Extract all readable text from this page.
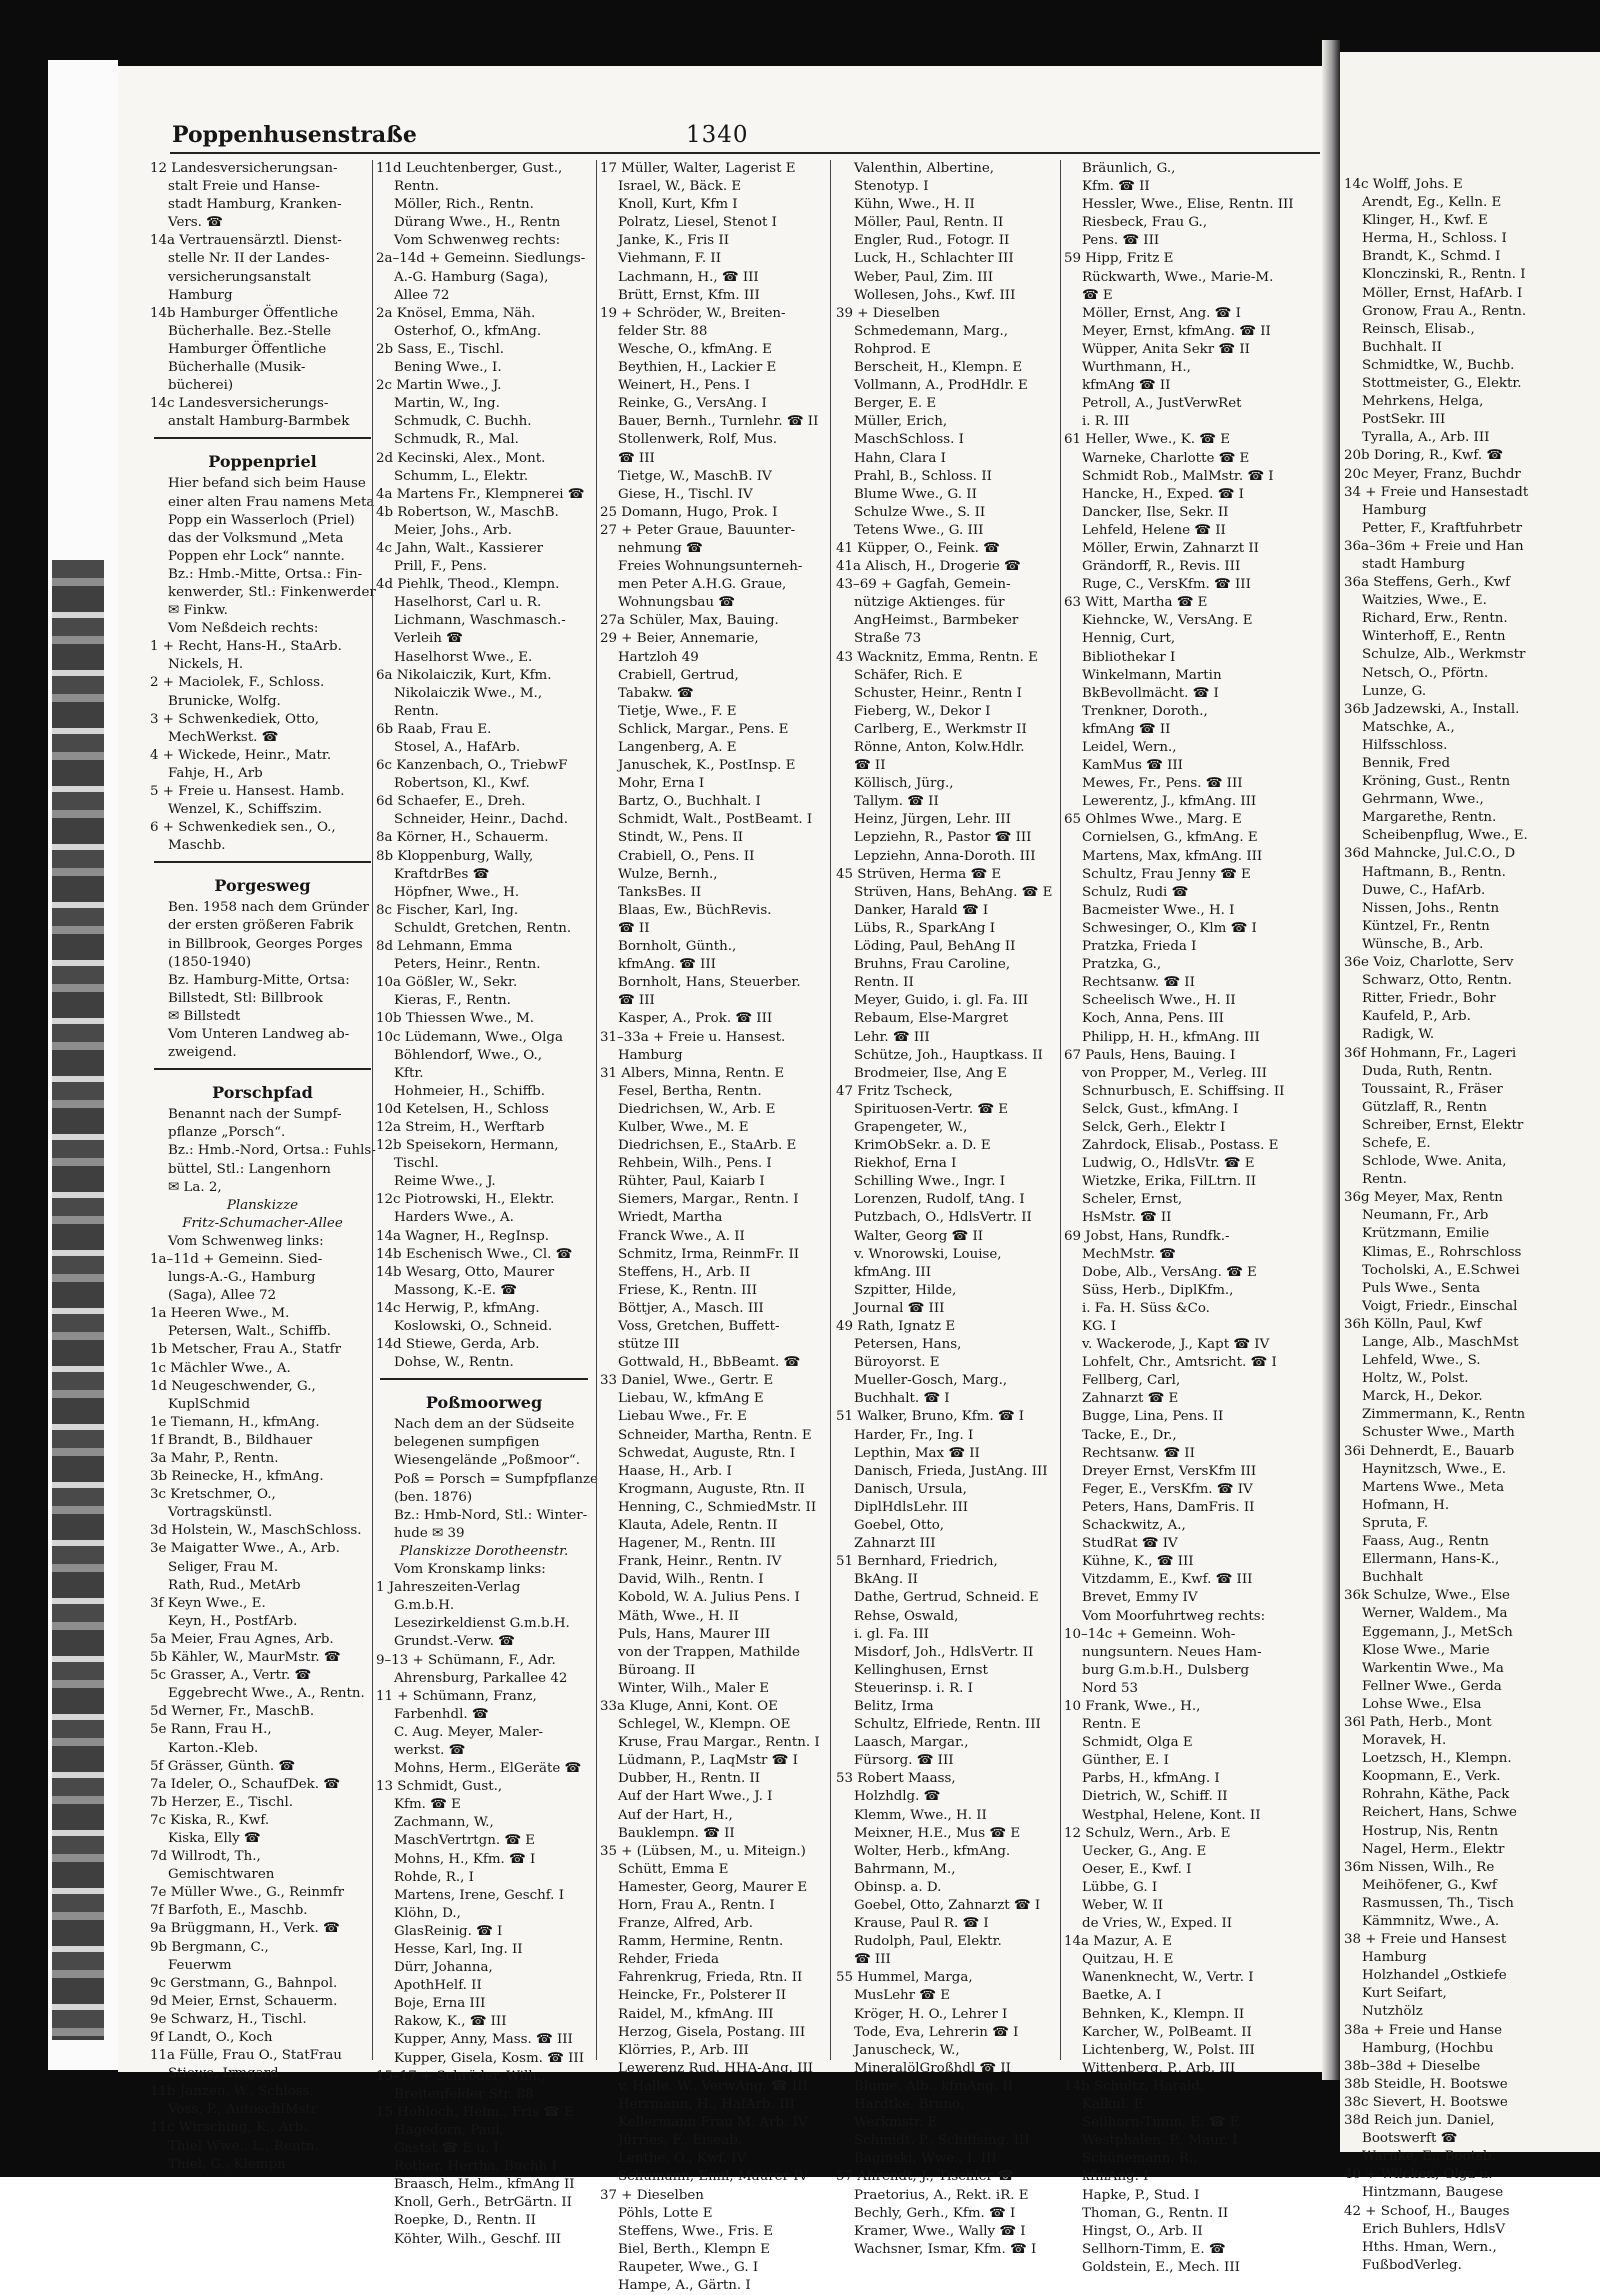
14c Wolff, Johs. E
Arendt, Eg., Kelln. E
Klinger, H., Kwf. E
Herma, H., Schloss. I
Brandt, K., Schmd. I
Klonczinski, R., Rentn. I
Möller, Ernst, HafArb. I
Gronow, Frau A., Rentn.
Reinsch, Elisab.,
Buchhalt. II
Schmidtke, W., Buchb.
Stottmeister, G., Elektr.
Mehrkens, Helga,
PostSekr. III
Tyralla, A., Arb. III
20b Doring, R., Kwf. ☎
20c Meyer, Franz, Buchdr
34 + Freie und Hansestadt
Hamburg
Petter, F., Kraftfuhrbetr
36a–36m + Freie und Han
stadt Hamburg
36a Steffens, Gerh., Kwf
Waitzies, Wwe., E.
Richard, Erw., Rentn.
Winterhoff, E., Rentn
Schulze, Alb., Werkmstr
Netsch, O., Pförtn.
Lunze, G.
36b Jadzewski, A., Install.
Matschke, A.,
Hilfsschloss.
Bennik, Fred
Kröning, Gust., Rentn
Gehrmann, Wwe.,
Margarethe, Rentn.
Scheibenpflug, Wwe., E.
36d Mahncke, Jul.C.O., D
Haftmann, B., Rentn.
Duwe, C., HafArb.
Nissen, Johs., Rentn
Küntzel, Fr., Rentn
Wünsche, B., Arb.
36e Voiz, Charlotte, Serv
Schwarz, Otto, Rentn.
Ritter, Friedr., Bohr
Kaufeld, P., Arb.
Radigk, W.
36f Hohmann, Fr., Lageri
Duda, Ruth, Rentn.
Toussaint, R., Fräser
Gützlaff, R., Rentn
Schreiber, Ernst, Elektr
Schefe, E.
Schlode, Wwe. Anita,
Rentn.
36g Meyer, Max, Rentn
Neumann, Fr., Arb
Krützmann, Emilie
Klimas, E., Rohrschloss
Tocholski, A., E.Schwei
Puls Wwe., Senta
Voigt, Friedr., Einschal
36h Kölln, Paul, Kwf
Lange, Alb., MaschMst
Lehfeld, Wwe., S.
Holtz, W., Polst.
Marck, H., Dekor.
Zimmermann, K., Rentn
Schuster Wwe., Marth
36i Dehnerdt, E., Bauarb
Haynitzsch, Wwe., E.
Martens Wwe., Meta
Hofmann, H.
Spruta, F.
Faass, Aug., Rentn
Ellermann, Hans-K.,
Buchhalt
36k Schulze, Wwe., Else
Werner, Waldem., Ma
Eggemann, J., MetSch
Klose Wwe., Marie
Warkentin Wwe., Ma
Fellner Wwe., Gerda
Lohse Wwe., Elsa
36l Path, Herb., Mont
Moravek, H.
Loetzsch, H., Klempn.
Koopmann, E., Verk.
Rohrahn, Käthe, Pack
Reichert, Hans, Schwe
Hostrup, Nis, Rentn
Nagel, Herm., Elektr
36m Nissen, Wilh., Re
Meihöfener, G., Kwf
Rasmussen, Th., Tisch
Kämmnitz, Wwe., A.
38 + Freie und Hansest
Hamburg
Holzhandel „Ostkiefe
Kurt Seifart,
Nutzhölz
38a + Freie und Hanse
Hamburg, (Hochbu
38b–38d + Dieselbe
38b Steidle, H. Bootswe
38c Sievert, H. Bootswe
38d Reich jun. Daniel,
Bootswerft ☎
Warnke, E., Bootsb.
40 + Wilcken, Olga u.
Hintzmann, Baugese
42 + Schoof, H., Bauges
Erich Buhlers, HdlsV
Hths. Hman, Wern.,
FußbodVerleg.
Poppenhusenstraße	1340
12 Landesversicherungsan-
stalt Freie und Hanse-
stadt Hamburg, Kranken-
Vers. ☎
14a Vertrauensärztl. Dienst-
stelle Nr. II der Landes-
versicherungsanstalt
Hamburg
14b Hamburger Öffentliche
Bücherhalle. Bez.-Stelle
Hamburger Öffentliche
Bücherhalle (Musik-
bücherei)
14c Landesversicherungs-
anstalt Hamburg-Barmbek
Poppenpriel
Hier befand sich beim Hause
einer alten Frau namens Meta
Popp ein Wasserloch (Priel)
das der Volksmund „Meta
Poppen ehr Lock“ nannte.
Bz.: Hmb.-Mitte, Ortsa.: Fin-
kenwerder, Stl.: Finkenwerder
✉ Finkw.
Vom Neßdeich rechts:
1 + Recht, Hans-H., StaArb.
Nickels, H.
2 + Maciolek, F., Schloss.
Brunicke, Wolfg.
3 + Schwenkediek, Otto,
MechWerkst. ☎
4 + Wickede, Heinr., Matr.
Fahje, H., Arb
5 + Freie u. Hansest. Hamb.
Wenzel, K., Schiffszim.
6 + Schwenkediek sen., O.,
Maschb.
Porgesweg
Ben. 1958 nach dem Gründer
der ersten größeren Fabrik
in Billbrook, Georges Porges
(1850-1940)
Bz. Hamburg-Mitte, Ortsa:
Billstedt, Stl: Billbrook
✉ Billstedt
Vom Unteren Landweg ab-
zweigend.
Porschpfad
Benannt nach der Sumpf-
pflanze „Porsch“.
Bz.: Hmb.-Nord, Ortsa.: Fuhls-
büttel, Stl.: Langenhorn
✉ La. 2,
Planskizze
Fritz-Schumacher-Allee
Vom Schwenweg links:
1a–11d + Gemeinn. Sied-
lungs-A.-G., Hamburg
(Saga), Allee 72
1a Heeren Wwe., M.
Petersen, Walt., Schiffb.
1b Metscher, Frau A., Statfr
1c Mächler Wwe., A.
1d Neugeschwender, G.,
KuplSchmid
1e Tiemann, H., kfmAng.
1f Brandt, B., Bildhauer
3a Mahr, P., Rentn.
3b Reinecke, H., kfmAng.
3c Kretschmer, O.,
Vortragskünstl.
3d Holstein, W., MaschSchloss.
3e Maigatter Wwe., A., Arb.
Seliger, Frau M.
Rath, Rud., MetArb
3f Keyn Wwe., E.
Keyn, H., PostfArb.
5a Meier, Frau Agnes, Arb.
5b Kähler, W., MaurMstr. ☎
5c Grasser, A., Vertr. ☎
Eggebrecht Wwe., A., Rentn.
5d Werner, Fr., MaschB.
5e Rann, Frau H.,
Karton.-Kleb.
5f Grässer, Günth. ☎
7a Ideler, O., SchaufDek. ☎
7b Herzer, E., Tischl.
7c Kiska, R., Kwf.
Kiska, Elly ☎
7d Willrodt, Th.,
Gemischtwaren
7e Müller Wwe., G., Reinmfr
7f Barfoth, E., Maschb.
9a Brüggmann, H., Verk. ☎
9b Bergmann, C.,
Feuerwm
9c Gerstmann, G., Bahnpol.
9d Meier, Ernst, Schauerm.
9e Schwarz, H., Tischl.
9f Landt, O., Koch
11a Fülle, Frau O., StatFrau
Stiewe, Irmgard
11b Janzen, W., Schloss.
Voss, P., AutoschlMstr
11c Wirsching, K., Arb.
Thiel Wwe., L., Rentn.
Thiel, G., Klempn
11d Leuchtenberger, Gust.,
Rentn.
Möller, Rich., Rentn.
Dürang Wwe., H., Rentn
Vom Schwenweg rechts:
2a–14d + Gemeinn. Siedlungs-
A.-G. Hamburg (Saga),
Allee 72
2a Knösel, Emma, Näh.
Osterhof, O., kfmAng.
2b Sass, E., Tischl.
Bening Wwe., I.
2c Martin Wwe., J.
Martin, W., Ing.
Schmudk, C. Buchh.
Schmudk, R., Mal.
2d Kecinski, Alex., Mont.
Schumm, L., Elektr.
4a Martens Fr., Klempnerei ☎
4b Robertson, W., MaschB.
Meier, Johs., Arb.
4c Jahn, Walt., Kassierer
Prill, F., Pens.
4d Piehlk, Theod., Klempn.
Haselhorst, Carl u. R.
Lichmann, Waschmasch.-
Verleih ☎
Haselhorst Wwe., E.
6a Nikolaiczik, Kurt, Kfm.
Nikolaiczik Wwe., M.,
Rentn.
6b Raab, Frau E.
Stosel, A., HafArb.
6c Kanzenbach, O., TriebwF
Robertson, Kl., Kwf.
6d Schaefer, E., Dreh.
Schneider, Heinr., Dachd.
8a Körner, H., Schauerm.
8b Kloppenburg, Wally,
KraftdrBes ☎
Höpfner, Wwe., H.
8c Fischer, Karl, Ing.
Schuldt, Gretchen, Rentn.
8d Lehmann, Emma
Peters, Heinr., Rentn.
10a Gößler, W., Sekr.
Kieras, F., Rentn.
10b Thiessen Wwe., M.
10c Lüdemann, Wwe., Olga
Böhlendorf, Wwe., O.,
Kftr.
Hohmeier, H., Schiffb.
10d Ketelsen, H., Schloss
12a Streim, H., Werftarb
12b Speisekorn, Hermann,
Tischl.
Reime Wwe., J.
12c Piotrowski, H., Elektr.
Harders Wwe., A.
14a Wagner, H., RegInsp.
14b Eschenisch Wwe., Cl. ☎
14b Wesarg, Otto, Maurer
Massong, K.-E. ☎
14c Herwig, P., kfmAng.
Koslowski, O., Schneid.
14d Stiewe, Gerda, Arb.
Dohse, W., Rentn.
Poßmoorweg
Nach dem an der Südseite
belegenen sumpfigen
Wiesengelände „Poßmoor“.
Poß = Porsch = Sumpfpflanze
(ben. 1876)
Bz.: Hmb-Nord, Stl.: Winter-
hude ✉ 39
Planskizze Dorotheenstr.
Vom Kronskamp links:
1 Jahreszeiten-Verlag
G.m.b.H.
Lesezirkeldienst G.m.b.H.
Grundst.-Verw. ☎
9–13 + Schümann, F., Adr.
Ahrensburg, Parkallee 42
11 + Schümann, Franz,
Farbenhdl. ☎
C. Aug. Meyer, Maler-
werkst. ☎
Mohns, Herm., ElGeräte ☎
13 Schmidt, Gust.,
Kfm. ☎ E
Zachmann, W.,
MaschVertrtgn. ☎ E
Mohns, H., Kfm. ☎ I
Rohde, R., I
Martens, Irene, Geschf. I
Klöhn, D.,
GlasReinig. ☎ I
Hesse, Karl, Ing. II
Dürr, Johanna,
ApothHelf. II
Boje, Erna III
Rakow, K., ☎ III
Kupper, Anny, Mass. ☎ III
Kupper, Gisela, Kosm. ☎ III
15–17 + Schröder, Wilh.,
Breitenfelder Str. 88
15 Hohloch, Helm., Fris ☎ E
Hagedorn, Paul,
Gastst ☎ E u. I
Rother, Hertha, Buchh I
Braasch, Helm., kfmAng II
Knoll, Gerh., BetrGärtn. II
Roepke, D., Rentn. II
Köhter, Wilh., Geschf. III
17 Müller, Walter, Lagerist E
Israel, W., Bäck. E
Knoll, Kurt, Kfm I
Polratz, Liesel, Stenot I
Janke, K., Fris II
Viehmann, F. II
Lachmann, H., ☎ III
Brütt, Ernst, Kfm. III
19 + Schröder, W., Breiten-
felder Str. 88
Wesche, O., kfmAng. E
Beythien, H., Lackier E
Weinert, H., Pens. I
Reinke, G., VersAng. I
Bauer, Bernh., Turnlehr. ☎ II
Stollenwerk, Rolf, Mus.
☎ III
Tietge, W., MaschB. IV
Giese, H., Tischl. IV
25 Domann, Hugo, Prok. I
27 + Peter Graue, Bauunter-
nehmung ☎
Freies Wohnungsunterneh-
men Peter A.H.G. Graue,
Wohnungsbau ☎
27a Schüler, Max, Bauing.
29 + Beier, Annemarie,
Hartzloh 49
Crabiell, Gertrud,
Tabakw. ☎
Tietje, Wwe., F. E
Schlick, Margar., Pens. E
Langenberg, A. E
Januschek, K., PostInsp. E
Mohr, Erna I
Bartz, O., Buchhalt. I
Schmidt, Walt., PostBeamt. I
Stindt, W., Pens. II
Crabiell, O., Pens. II
Wulze, Bernh.,
TanksBes. II
Blaas, Ew., BüchRevis.
☎ II
Bornholt, Günth.,
kfmAng. ☎ III
Bornholt, Hans, Steuerber.
☎ III
Kasper, A., Prok. ☎ III
31–33a + Freie u. Hansest.
Hamburg
31 Albers, Minna, Rentn. E
Fesel, Bertha, Rentn.
Diedrichsen, W., Arb. E
Kulber, Wwe., M. E
Diedrichsen, E., StaArb. E
Rehbein, Wilh., Pens. I
Rühter, Paul, Kaiarb I
Siemers, Margar., Rentn. I
Wriedt, Martha
Franck Wwe., A. II
Schmitz, Irma, ReinmFr. II
Steffens, H., Arb. II
Friese, K., Rentn. III
Böttjer, A., Masch. III
Voss, Gretchen, Buffett-
stütze III
Gottwald, H., BbBeamt. ☎
33 Daniel, Wwe., Gertr. E
Liebau, W., kfmAng E
Liebau Wwe., Fr. E
Schneider, Martha, Rentn. E
Schwedat, Auguste, Rtn. I
Haase, H., Arb. I
Krogmann, Auguste, Rtn. II
Henning, C., SchmiedMstr. II
Klauta, Adele, Rentn. II
Hagener, M., Rentn. III
Frank, Heinr., Rentn. IV
David, Wilh., Rentn. I
Kobold, W. A. Julius Pens. I
Mäth, Wwe., H. II
Puls, Hans, Maurer III
von der Trappen, Mathilde
Büroang. II
Winter, Wilh., Maler E
33a Kluge, Anni, Kont. OE
Schlegel, W., Klempn. OE
Kruse, Frau Margar., Rentn. I
Lüdmann, P., LaqMstr ☎ I
Dubber, H., Rentn. II
Auf der Hart Wwe., J. I
Auf der Hart, H.,
Bauklempn. ☎ II
35 + (Lübsen, M., u. Miteign.)
Schütt, Emma E
Hamester, Georg, Maurer E
Horn, Frau A., Rentn. I
Franze, Alfred, Arb.
Ramm, Hermine, Rentn.
Rehder, Frieda
Fahrenkrug, Frieda, Rtn. II
Heincke, Fr., Polsterer II
Raidel, M., kfmAng. III
Herzog, Gisela, Postang. III
Klörries, P., Arb. III
Lewerenz Rud. HHA-Ang. III
v. Halle, W., VerwAng. ☎ III
Herrmann, H., HafArb. III
Kellermann Frau M. Arb. IV
Jürries, F., Eiseab.
Lenthe, O., Kwf. IV
Schumann, Emil, Maurer IV
37 + Dieselben
Pöhls, Lotte E
Steffens, Wwe., Fris. E
Biel, Berth., Klempn E
Raupeter, Wwe., G. I
Hampe, A., Gärtn. I
Valenthin, Albertine,
Stenotyp. I
Kühn, Wwe., H. II
Möller, Paul, Rentn. II
Engler, Rud., Fotogr. II
Luck, H., Schlachter III
Weber, Paul, Zim. III
Wollesen, Johs., Kwf. III
39 + Dieselben
Schmedemann, Marg.,
Rohprod. E
Berscheit, H., Klempn. E
Vollmann, A., ProdHdlr. E
Berger, E. E
Müller, Erich,
MaschSchloss. I
Hahn, Clara I
Prahl, B., Schloss. II
Blume Wwe., G. II
Schulze Wwe., S. II
Tetens Wwe., G. III
41 Küpper, O., Feink. ☎
41a Alisch, H., Drogerie ☎
43–69 + Gagfah, Gemein-
nützige Aktienges. für
AngHeimst., Barmbeker
Straße 73
43 Wacknitz, Emma, Rentn. E
Schäfer, Rich. E
Schuster, Heinr., Rentn I
Fieberg, W., Dekor I
Carlberg, E., Werkmstr II
Rönne, Anton, Kolw.Hdlr.
☎ II
Köllisch, Jürg.,
Tallym. ☎ II
Heinz, Jürgen, Lehr. III
Lepziehn, R., Pastor ☎ III
Lepziehn, Anna-Doroth. III
45 Strüven, Herma ☎ E
Strüven, Hans, BehAng. ☎ E
Danker, Harald ☎ I
Lübs, R., SparkAng I
Löding, Paul, BehAng II
Bruhns, Frau Caroline,
Rentn. II
Meyer, Guido, i. gl. Fa. III
Rebaum, Else-Margret
Lehr. ☎ III
Schütze, Joh., Hauptkass. II
Brodmeier, Ilse, Ang E
47 Fritz Tscheck,
Spirituosen-Vertr. ☎ E
Grapengeter, W.,
KrimObSekr. a. D. E
Riekhof, Erna I
Schilling Wwe., Ingr. I
Lorenzen, Rudolf, tAng. I
Putzbach, O., HdlsVertr. II
Walter, Georg ☎ II
v. Wnorowski, Louise,
kfmAng. III
Szpitter, Hilde,
Journal ☎ III
49 Rath, Ignatz E
Petersen, Hans,
Büroyorst. E
Mueller-Gosch, Marg.,
Buchhalt. ☎ I
51 Walker, Bruno, Kfm. ☎ I
Harder, Fr., Ing. I
Lepthin, Max ☎ II
Danisch, Frieda, JustAng. III
Danisch, Ursula,
DiplHdlsLehr. III
Goebel, Otto,
Zahnarzt III
51 Bernhard, Friedrich,
BkAng. II
Dathe, Gertrud, Schneid. E
Rehse, Oswald,
i. gl. Fa. III
Misdorf, Joh., HdlsVertr. II
Kellinghusen, Ernst
Steuerinsp. i. R. I
Belitz, Irma
Schultz, Elfriede, Rentn. III
Laasch, Margar.,
Fürsorg. ☎ III
53 Robert Maass,
Holzhdlg. ☎
Klemm, Wwe., H. II
Meixner, H.E., Mus ☎ E
Wolter, Herb., kfmAng.
Bahrmann, M.,
Obinsp. a. D.
Goebel, Otto, Zahnarzt ☎ I
Krause, Paul R. ☎ I
Rudolph, Paul, Elektr.
☎ III
55 Hummel, Marga,
MusLehr ☎ E
Kröger, H. O., Lehrer I
Tode, Eva, Lehrerin ☎ I
Januscheck, W.,
MineralölGroßhdl ☎ II
Blume, Alb., kfmAng. II
Hardtke, Bruno,
Werkmstr. E
Schmidt, P., Schiffsing. III
Baginski, Wwe., I. III
57 Ahrendt, J., Tischler ☎
Praetorius, A., Rekt. iR. E
Bechly, Gerh., Kfm. ☎ I
Kramer, Wwe., Wally ☎ I
Wachsner, Ismar, Kfm. ☎ I
Bräunlich, G.,
Kfm. ☎ II
Hessler, Wwe., Elise, Rentn. III
Riesbeck, Frau G.,
Pens. ☎ III
59 Hipp, Fritz E
Rückwarth, Wwe., Marie-M.
☎ E
Möller, Ernst, Ang. ☎ I
Meyer, Ernst, kfmAng. ☎ II
Wüpper, Anita Sekr ☎ II
Wurthmann, H.,
kfmAng ☎ II
Petroll, A., JustVerwRet
i. R. III
61 Heller, Wwe., K. ☎ E
Warneke, Charlotte ☎ E
Schmidt Rob., MalMstr. ☎ I
Hancke, H., Exped. ☎ I
Dancker, Ilse, Sekr. II
Lehfeld, Helene ☎ II
Möller, Erwin, Zahnarzt II
Grändorff, R., Revis. III
Ruge, C., VersKfm. ☎ III
63 Witt, Martha ☎ E
Kiehncke, W., VersAng. E
Hennig, Curt,
Bibliothekar I
Winkelmann, Martin
BkBevollmächt. ☎ I
Trenkner, Doroth.,
kfmAng ☎ II
Leidel, Wern.,
KamMus ☎ III
Mewes, Fr., Pens. ☎ III
Lewerentz, J., kfmAng. III
65 Ohlmes Wwe., Marg. E
Cornielsen, G., kfmAng. E
Martens, Max, kfmAng. III
Schultz, Frau Jenny ☎ E
Schulz, Rudi ☎
Bacmeister Wwe., H. I
Schwesinger, O., Klm ☎ I
Pratzka, Frieda I
Pratzka, G.,
Rechtsanw. ☎ II
Scheelisch Wwe., H. II
Koch, Anna, Pens. III
Philipp, H. H., kfmAng. III
67 Pauls, Hens, Bauing. I
von Propper, M., Verleg. III
Schnurbusch, E. Schiffsing. II
Selck, Gust., kfmAng. I
Selck, Gerh., Elektr I
Zahrdock, Elisab., Postass. E
Ludwig, O., HdlsVtr. ☎ E
Wietzke, Erika, FilLtrn. II
Scheler, Ernst,
HsMstr. ☎ II
69 Jobst, Hans, Rundfk.-
MechMstr. ☎
Dobe, Alb., VersAng. ☎ E
Süss, Herb., DiplKfm.,
i. Fa. H. Süss &Co.
KG. I
v. Wackerode, J., Kapt ☎ IV
Lohfelt, Chr., Amtsricht. ☎ I
Fellberg, Carl,
Zahnarzt ☎ E
Bugge, Lina, Pens. II
Tacke, E., Dr.,
Rechtsanw. ☎ II
Dreyer Ernst, VersKfm III
Feger, E., VersKfm. ☎ IV
Peters, Hans, DamFris. II
Schackwitz, A.,
StudRat ☎ IV
Kühne, K., ☎ III
Vitzdamm, E., Kwf. ☎ III
Brevet, Emmy IV
Vom Moorfuhrtweg rechts:
10–14c + Gemeinn. Woh-
nungsuntern. Neues Ham-
burg G.m.b.H., Dulsberg
Nord 53
10 Frank, Wwe., H.,
Rentn. E
Schmidt, Olga E
Günther, E. I
Parbs, H., kfmAng. I
Dietrich, W., Schiff. II
Westphal, Helene, Kont. II
12 Schulz, Wern., Arb. E
Uecker, G., Ang. E
Oeser, E., Kwf. I
Lübbe, G. I
Weber, W. II
de Vries, W., Exped. II
14a Mazur, A. E
Quitzau, H. E
Wanenknecht, W., Vertr. I
Baetke, A. I
Behnken, K., Klempn. II
Karcher, W., PolBeamt. II
Lichtenberg, W., Polst. III
Wittenberg, P., Arb. III
14b Schultz, Harald,
Kalkul. E
Sellhorn-Timm, E. ☎ E
Westphalen, P., Maur. I
Schünemann, R.,
kfmAng. I
Hapke, P., Stud. I
Thoman, G., Rentn. II
Hingst, O., Arb. II
Sellhorn-Timm, E. ☎
Goldstein, E., Mech. III
